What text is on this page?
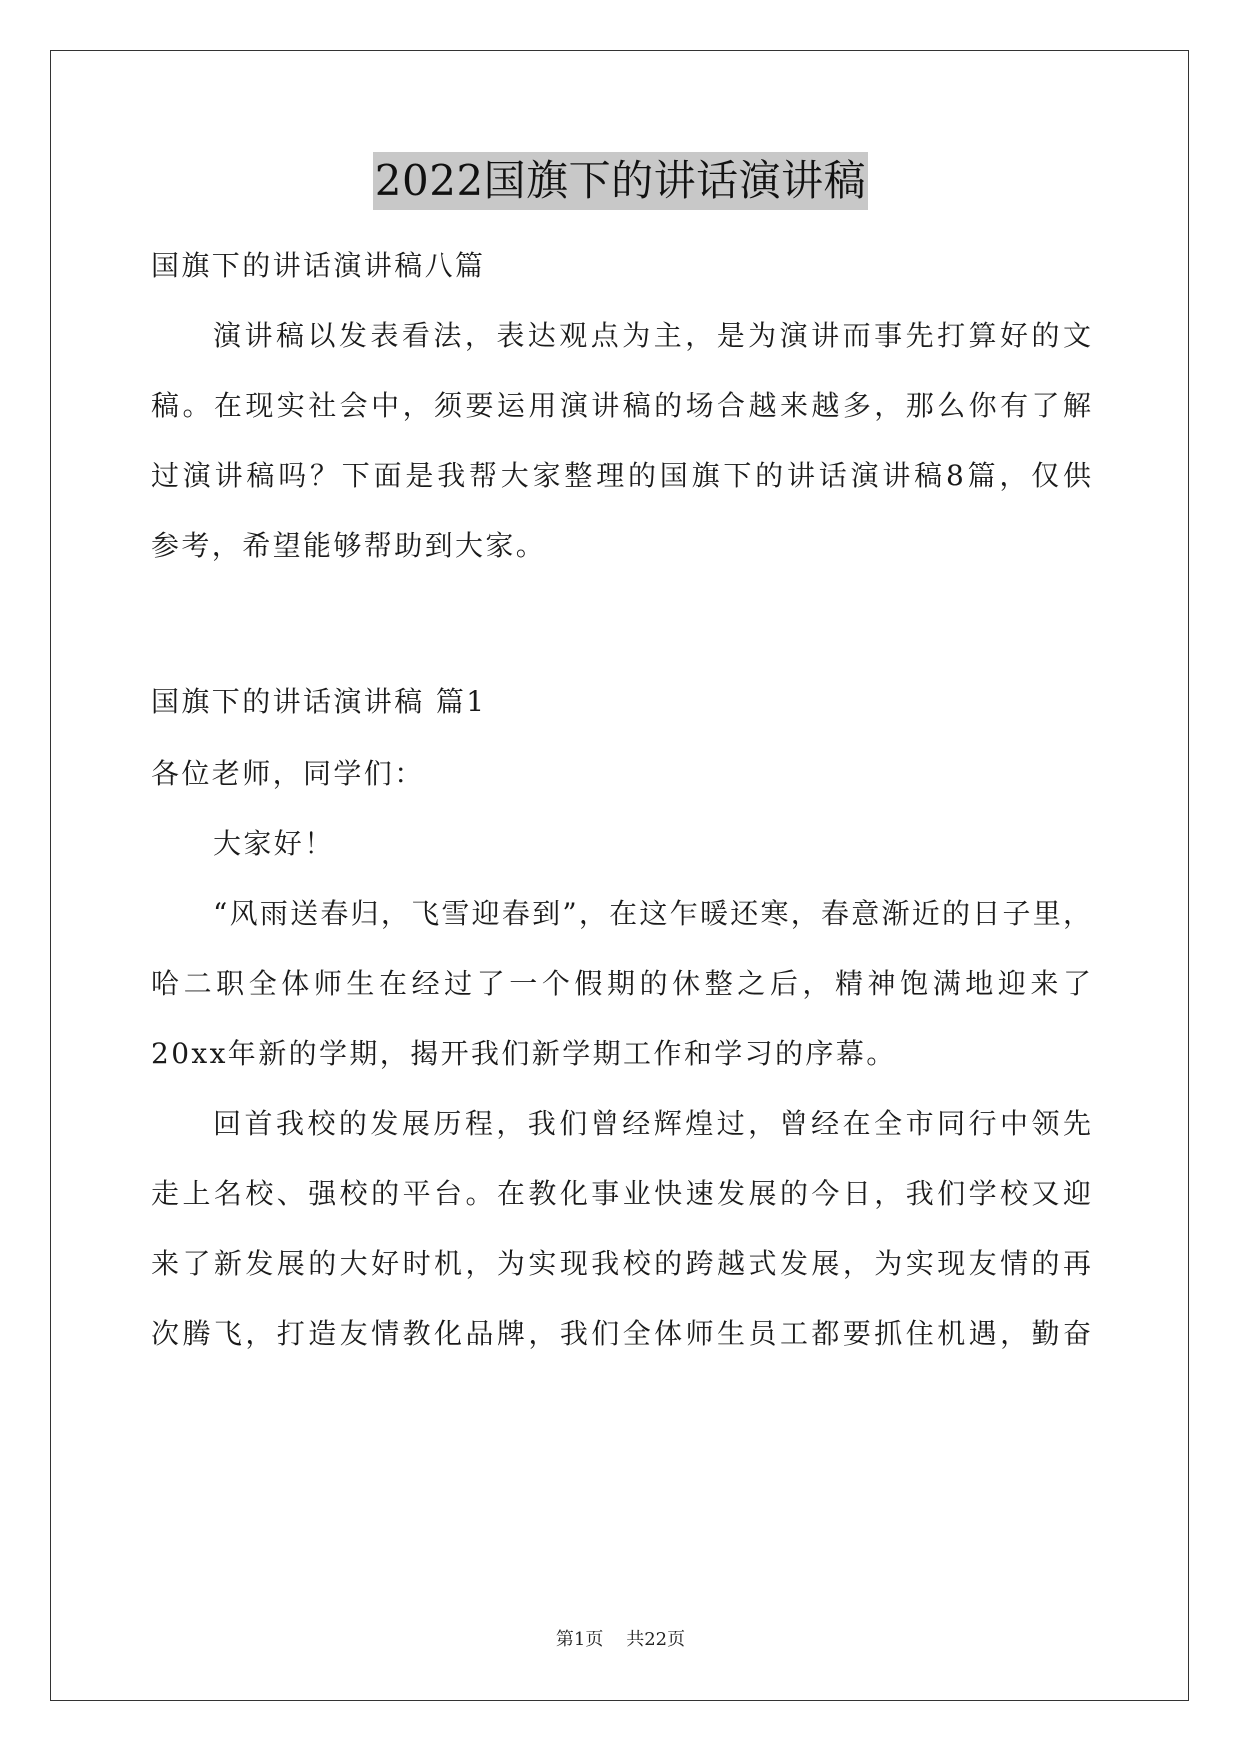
2022国旗下的讲话演讲稿
国旗下的讲话演讲稿八篇
演讲稿以发表看法，表达观点为主，是为演讲而事先打算好的文
稿。在现实社会中，须要运用演讲稿的场合越来越多，那么你有了解
过演讲稿吗？下面是我帮大家整理的国旗下的讲话演讲稿8篇，仅供
参考，希望能够帮助到大家。
国旗下的讲话演讲稿 篇1
各位老师，同学们：
大家好！
“风雨送春归，飞雪迎春到”，在这乍暖还寒，春意渐近的日子里，
哈二职全体师生在经过了一个假期的休整之后，精神饱满地迎来了
20xx年新的学期，揭开我们新学期工作和学习的序幕。
回首我校的发展历程，我们曾经辉煌过，曾经在全市同行中领先
走上名校、强校的平台。在教化事业快速发展的今日，我们学校又迎
来了新发展的大好时机，为实现我校的跨越式发展，为实现友情的再
次腾飞，打造友情教化品牌，我们全体师生员工都要抓住机遇，勤奋
第1页    共22页
